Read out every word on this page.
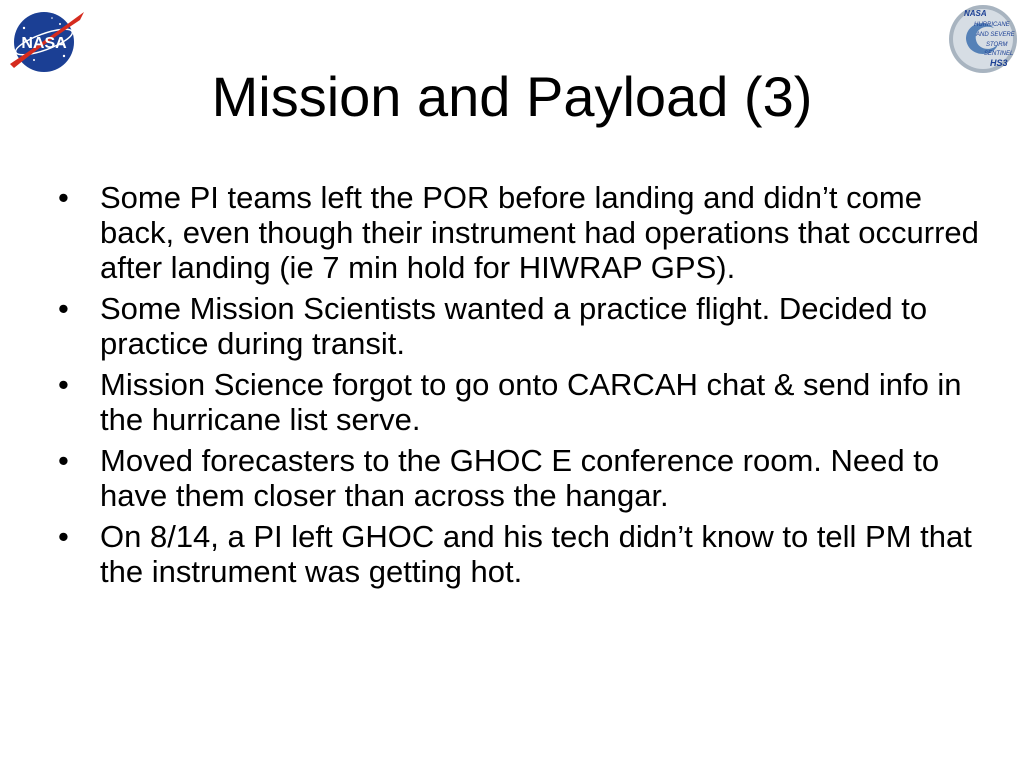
NASA
NASA
HURRICANE
AND SEVERE
STORM
SENTINEL
HS3
Mission and Payload (3)
• Some PI teams left the POR before landing and didn’t come back, even though their instrument had operations that occurred after landing (ie 7 min hold for HIWRAP GPS).
• Some Mission Scientists wanted a practice flight. Decided to practice during transit.
• Mission Science forgot to go onto CARCAH chat & send info in the hurricane list serve.
• Moved forecasters to the GHOC E conference room. Need to have them closer than across the hangar.
• On 8/14, a PI left GHOC and his tech didn’t know to tell PM that the instrument was getting hot.
